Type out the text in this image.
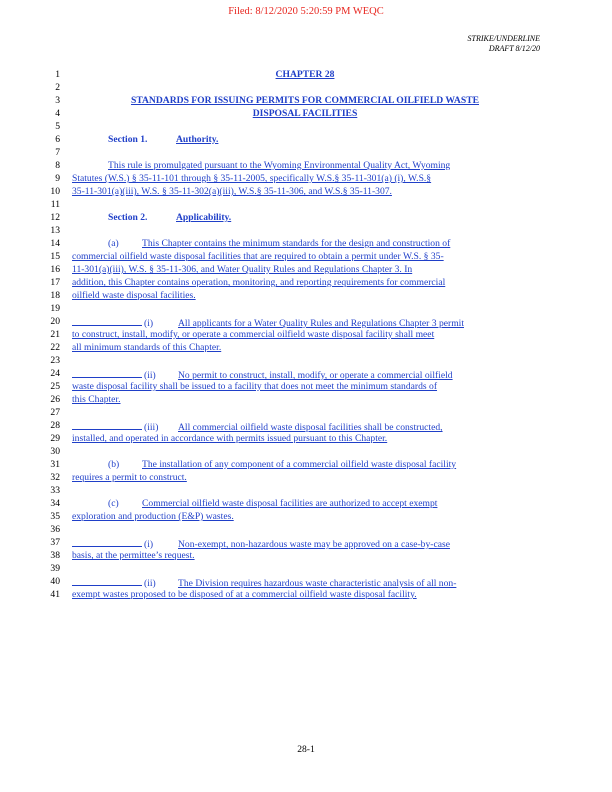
Filed: 8/12/2020 5:20:59 PM WEQC
STRIKE/UNDERLINE
DRAFT 8/12/20
1	CHAPTER 28
2
3	STANDARDS FOR ISSUING PERMITS FOR COMMERCIAL OILFIELD WASTE
4	DISPOSAL FACILITIES
5
6	Section 1.	Authority.
7
8	This rule is promulgated pursuant to the Wyoming Environmental Quality Act, Wyoming
9 Statutes (W.S.) § 35-11-101 through § 35-11-2005, specifically W.S.§ 35-11-301(a) (i), W.S.§
10 35-11-301(a)(iii), W.S. § 35-11-302(a)(iii), W.S.§ 35-11-306, and W.S.§ 35-11-307.
11
12	Section 2.	Applicability.
13
14	(a) This Chapter contains the minimum standards for the design and construction of
15 commercial oilfield waste disposal facilities that are required to obtain a permit under W.S. § 35-
16 11-301(a)(iii), W.S. § 35-11-306, and Water Quality Rules and Regulations Chapter 3. In
17 addition, this Chapter contains operation, monitoring, and reporting requirements for commercial
18 oilfield waste disposal facilities.
19
20	(i)	All applicants for a Water Quality Rules and Regulations Chapter 3 permit
21 to construct, install, modify, or operate a commercial oilfield waste disposal facility shall meet
22 all minimum standards of this Chapter.
23
24	(ii) No permit to construct, install, modify, or operate a commercial oilfield
25 waste disposal facility shall be issued to a facility that does not meet the minimum standards of
26 this Chapter.
27
28	(iii) All commercial oilfield waste disposal facilities shall be constructed,
29 installed, and operated in accordance with permits issued pursuant to this Chapter.
30
31	(b) The installation of any component of a commercial oilfield waste disposal facility
32 requires a permit to construct.
33
34	(c) Commercial oilfield waste disposal facilities are authorized to accept exempt
35 exploration and production (E&P) wastes.
36
37	(i)	Non-exempt, non-hazardous waste may be approved on a case-by-case
38 basis, at the permittee’s request.
39
40	(ii) The Division requires hazardous waste characteristic analysis of all non-
41 exempt wastes proposed to be disposed of at a commercial oilfield waste disposal facility.
28-1
